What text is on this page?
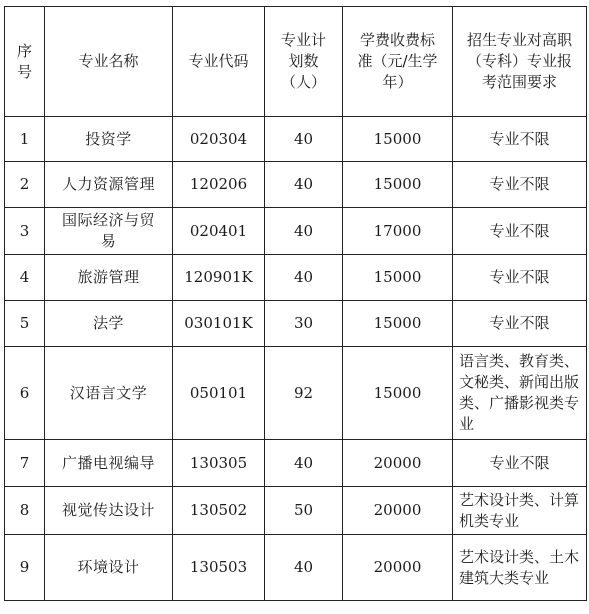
序号	专业名称	专业代码	专业计划数（人）	学费收费标准（元/生学年）	招生专业对高职（专科）专业报考范围要求
1	投资学	020304	40	15000	专业不限
2	人力资源管理	120206	40	15000	专业不限
3	国际经济与贸易	020401	40	17000	专业不限
4	旅游管理	120901K	40	15000	专业不限
5	法学	030101K	30	15000	专业不限
6	汉语言文学	050101	92	15000	语言类、教育类、文秘类、新闻出版类、广播影视类专业
7	广播电视编导	130305	40	20000	专业不限
8	视觉传达设计	130502	50	20000	艺术设计类、计算机类专业
9	环境设计	130503	40	20000	艺术设计类、土木建筑大类专业
